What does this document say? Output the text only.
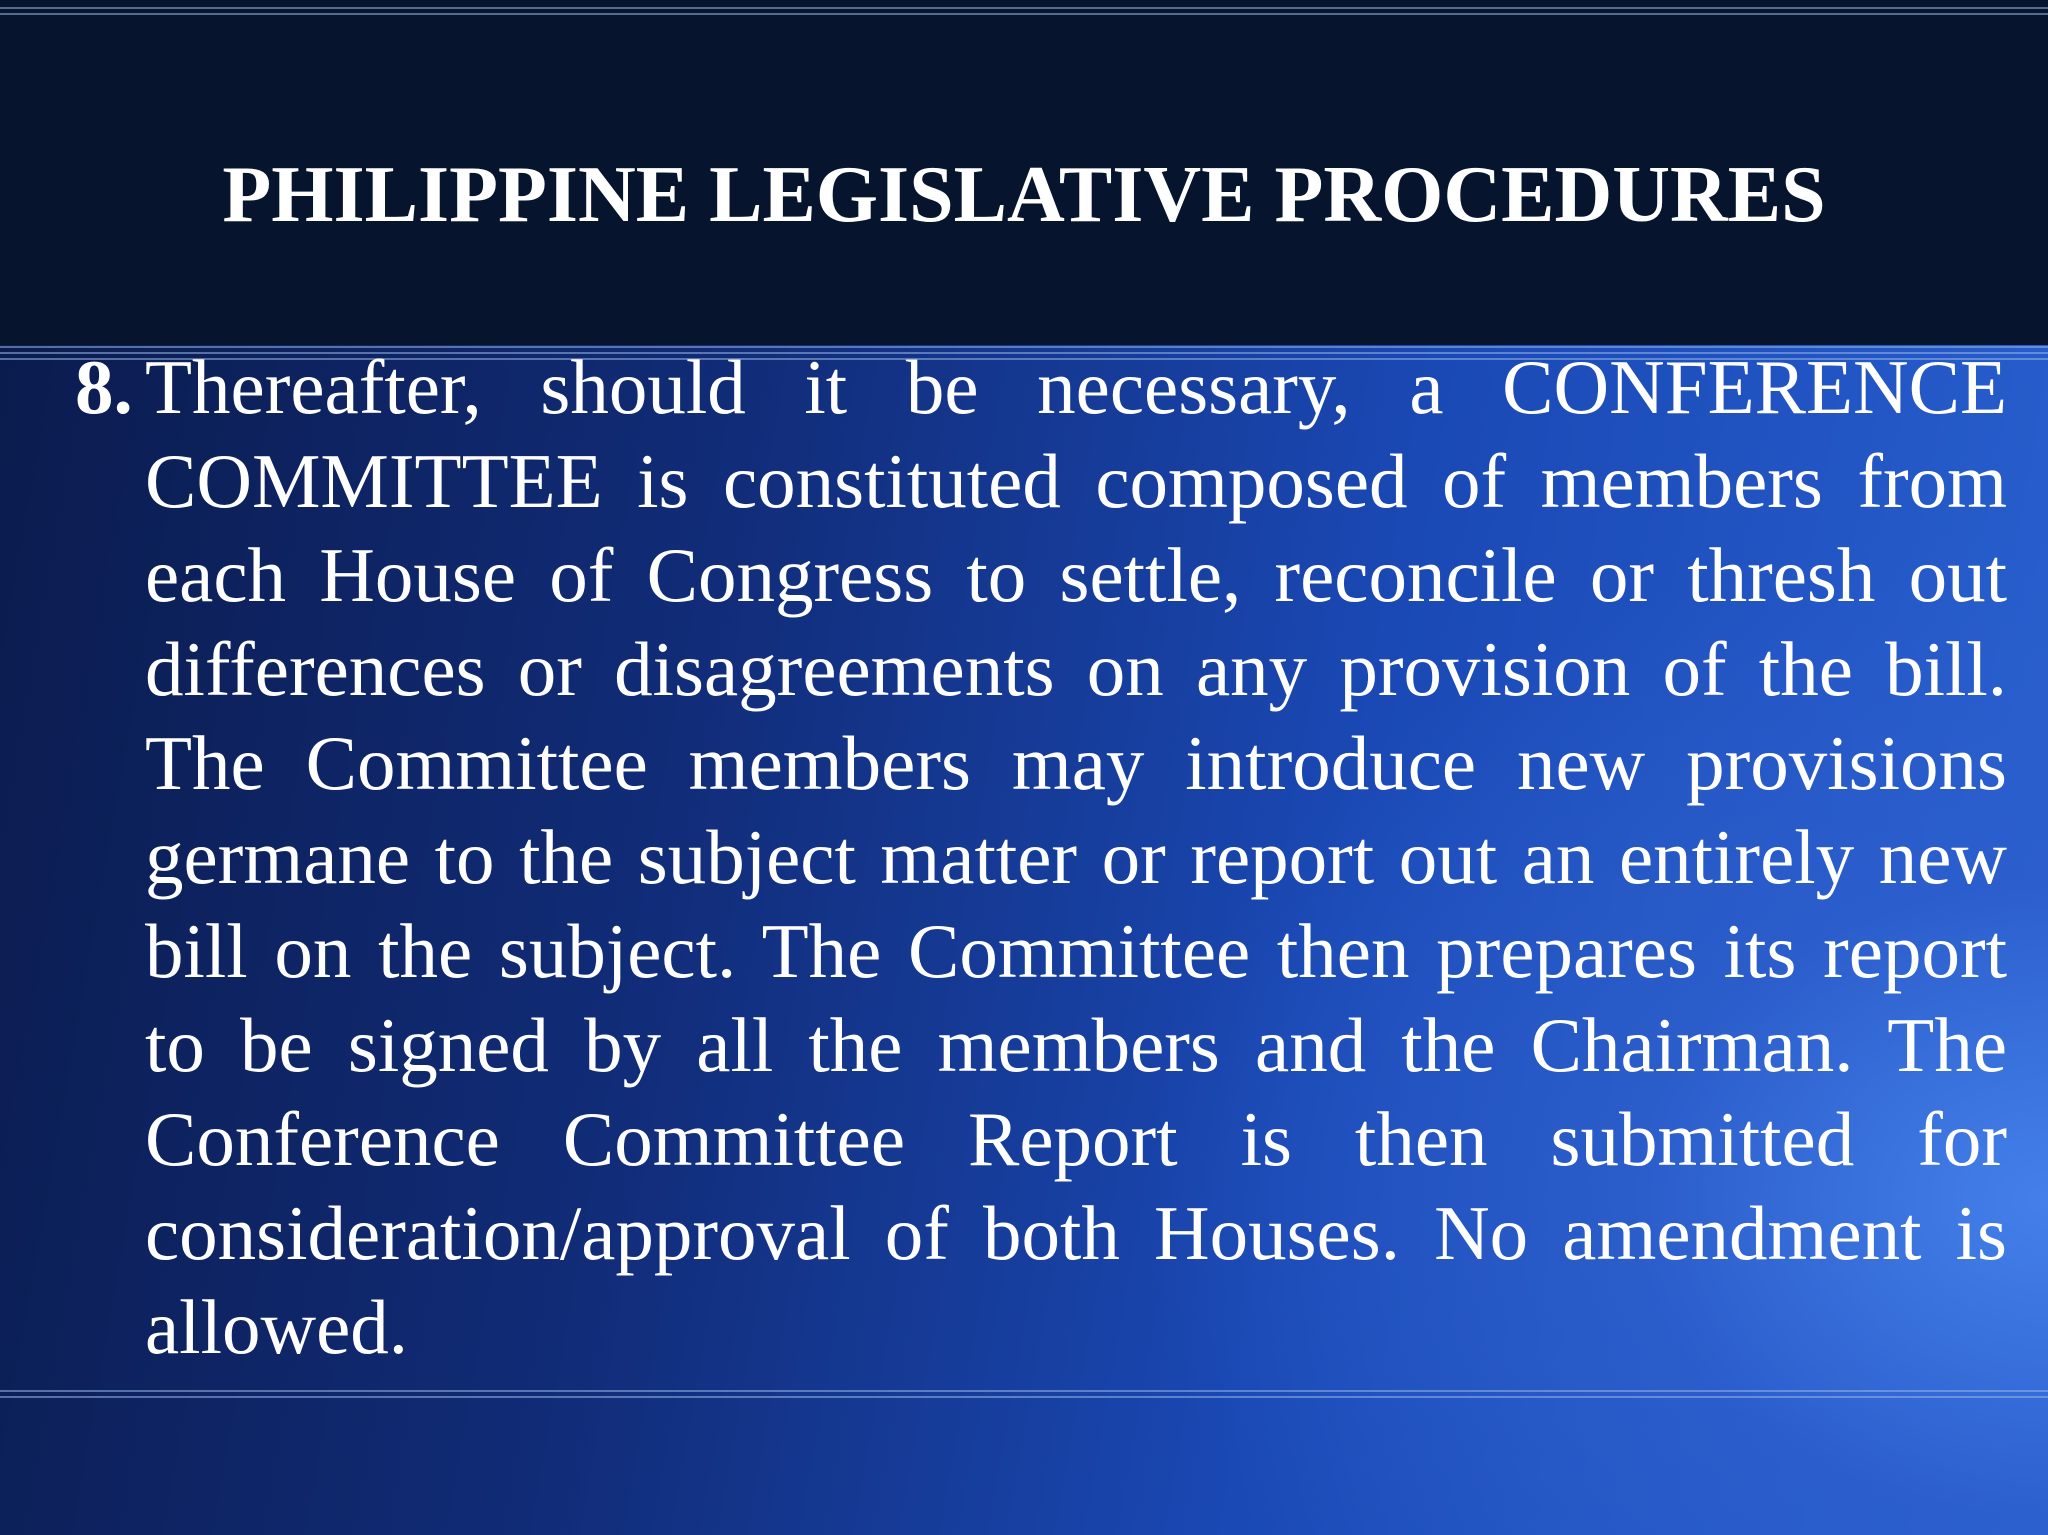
PHILIPPINE LEGISLATIVE PROCEDURES
8. Thereafter, should it be necessary, a CONFERENCE COMMITTEE is constituted composed of members from each House of Congress to settle, reconcile or thresh out differences or disagreements on any provision of the bill. The Committee members may introduce new provisions germane to the subject matter or report out an entirely new bill on the subject. The Committee then prepares its report to be signed by all the members and the Chairman. The Conference Committee Report is then submitted for consideration/approval of both Houses. No amendment is allowed.
